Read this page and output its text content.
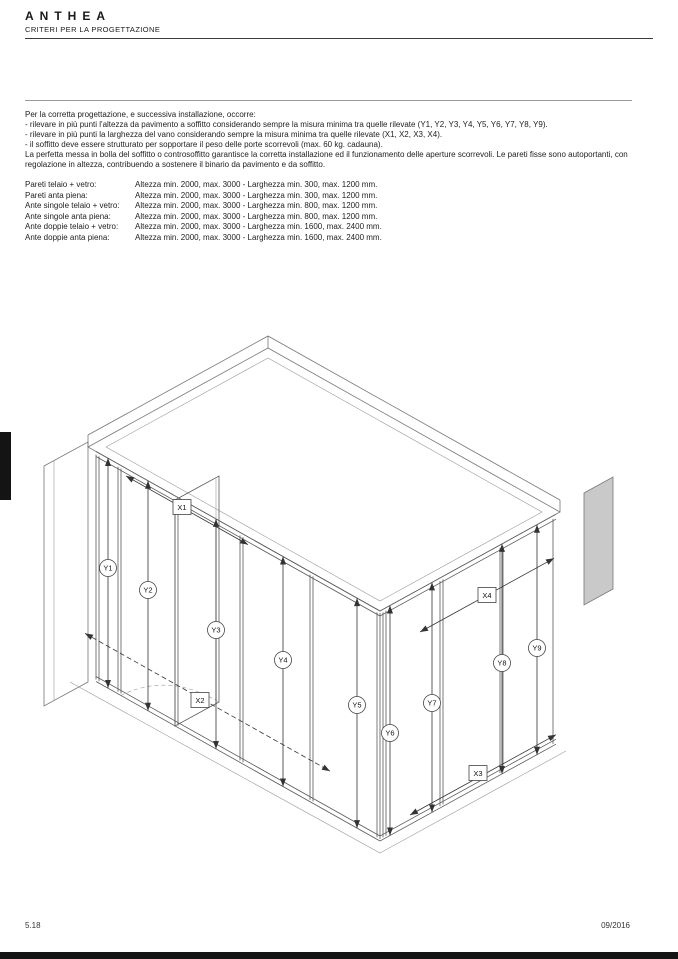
ANTHEA
CRITERI PER LA PROGETTAZIONE
Per la corretta progettazione, e successiva installazione, occorre:
- rilevare in più punti l'altezza da pavimento a soffitto considerando sempre la misura minima tra quelle rilevate (Y1, Y2, Y3, Y4, Y5, Y6, Y7, Y8, Y9).
- rilevare in più punti la larghezza del vano considerando sempre la misura minima tra quelle rilevate (X1, X2, X3, X4).
- il soffitto deve essere strutturato per sopportare il peso delle porte scorrevoli (max. 60 kg. cadauna).
La perfetta messa in bolla del soffitto o controsoffitto garantisce la corretta installazione ed il funzionamento delle aperture scorrevoli. Le pareti fisse sono autoportanti, con regolazione in altezza, contribuendo a sostenere il binario da pavimento e da soffitto.
Pareti telaio + vetro:	Altezza min. 2000, max. 3000 - Larghezza min. 300, max. 1200 mm.
Pareti anta piena:	Altezza min. 2000, max. 3000 - Larghezza min. 300, max. 1200 mm.
Ante singole telaio + vetro:	Altezza min. 2000, max. 3000 - Larghezza min. 800, max. 1200 mm.
Ante singole anta piena:	Altezza min. 2000, max. 3000 - Larghezza min. 800, max. 1200 mm.
Ante doppie telaio + vetro:	Altezza min. 2000, max. 3000 - Larghezza min. 1600, max. 2400 mm.
Ante doppie anta piena:	Altezza min. 2000, max. 3000 - Larghezza min. 1600, max. 2400 mm.
Y1
Y2
Y3
Y4
Y5
Y6
Y7
Y8
Y9
X1
X2
X3
X4
5.18	09/2016
